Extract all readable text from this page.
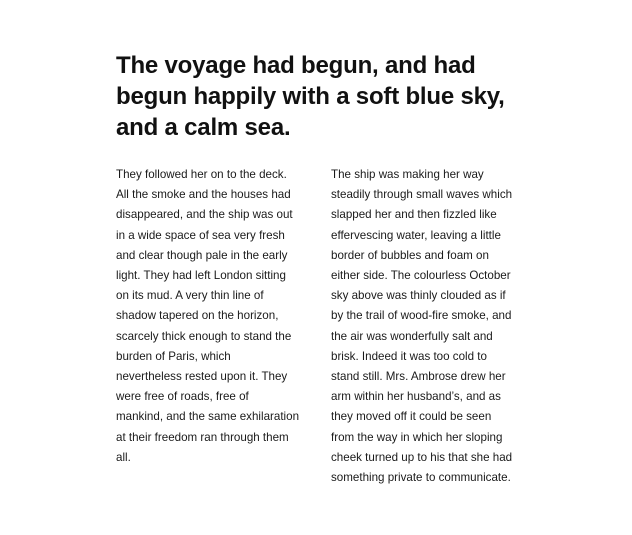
The voyage had begun, and had
begun happily with a soft blue sky,
and a calm sea.

They followed her on to the deck.
All the smoke and the houses had
disappeared, and the ship was out
in a wide space of sea very fresh
and clear though pale in the early
light. They had left London sitting
on its mud. A very thin line of
shadow tapered on the horizon,
scarcely thick enough to stand the
burden of Paris, which
nevertheless rested upon it. They
were free of roads, free of
mankind, and the same exhilaration
at their freedom ran through them
all.

The ship was making her way
steadily through small waves which
slapped her and then fizzled like
effervescing water, leaving a little
border of bubbles and foam on
either side. The colourless October
sky above was thinly clouded as if
by the trail of wood-fire smoke, and
the air was wonderfully salt and
brisk. Indeed it was too cold to
stand still. Mrs. Ambrose drew her
arm within her husband’s, and as
they moved off it could be seen
from the way in which her sloping
cheek turned up to his that she had
something private to communicate.
